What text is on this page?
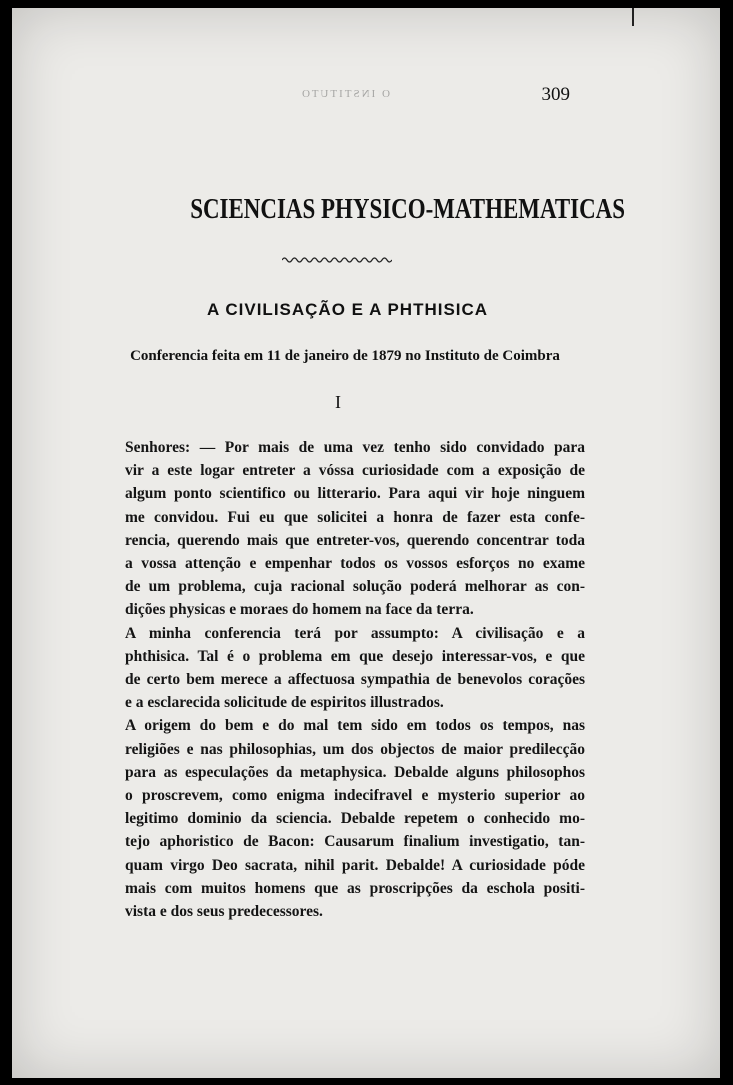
O INSTITUTO	309
SCIENCIAS PHYSICO-MATHEMATICAS
A CIVILISAÇÃO E A PHTHISICA
Conferencia feita em 11 de janeiro de 1879 no Instituto de Coimbra
I

Senhores: — Por mais de uma vez tenho sido convidado para
vir a este logar entreter a vóssa curiosidade com a exposição de
algum ponto scientifico ou litterario. Para aqui vir hoje ninguem
me convidou. Fui eu que solicitei a honra de fazer esta confe-
rencia, querendo mais que entreter-vos, querendo concentrar toda
a vossa attenção e empenhar todos os vossos esforços no exame
de um problema, cuja racional solução poderá melhorar as con-
dições physicas e moraes do homem na face da terra.

A minha conferencia terá por assumpto: A civilisação e a
phthisica. Tal é o problema em que desejo interessar-vos, e que
de certo bem merece a affectuosa sympathia de benevolos corações
e a esclarecida solicitude de espiritos illustrados.

A origem do bem e do mal tem sido em todos os tempos, nas
religiões e nas philosophias, um dos objectos de maior predilecção
para as especulações da metaphysica. Debalde alguns philosophos
o proscrevem, como enigma indecifravel e mysterio superior ao
legitimo dominio da sciencia. Debalde repetem o conhecido mo-
tejo aphoristico de Bacon: Causarum finalium investigatio, tan-
quam virgo Deo sacrata, nihil parit. Debalde! A curiosidade póde
mais com muitos homens que as proscripções da eschola positi-
vista e dos seus predecessores.
